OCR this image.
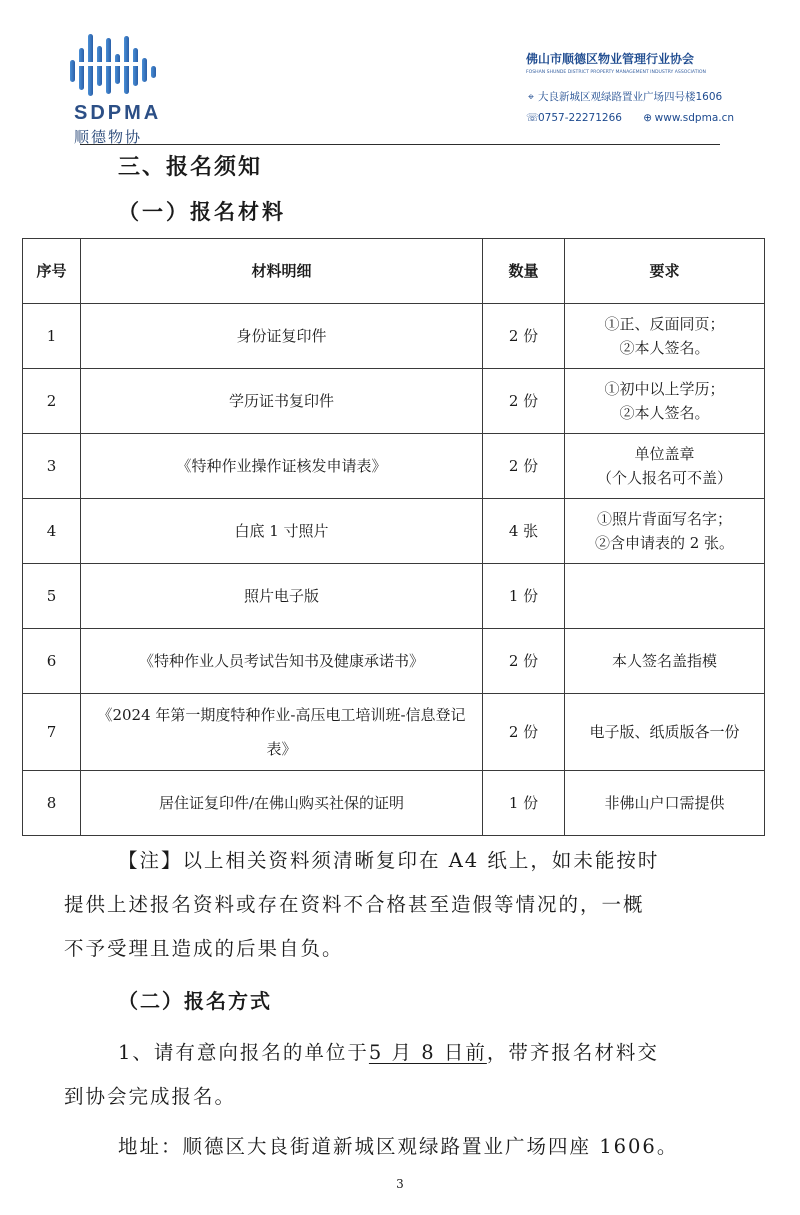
SDPMA
顺德物协
佛山市顺德区物业管理行业协会
FOSHAN SHUNDE DISTRICT PROPERTY MANAGEMENT INDUSTRY ASSOCIATION
⌖ 大良新城区观绿路置业广场四号楼1606
☏0757-22271266 ⊕ www.sdpma.cn
三、报名须知
（一）报名材料
序号	材料明细	数量	要求
1	身份证复印件	2 份	①正、反面同页；
②本人签名。

2	学历证书复印件	2 份	①初中以上学历；
②本人签名。

3	《特种作业操作证核发申请表》	2 份	单位盖章
（个人报名可不盖）

4	白底 1 寸照片	4 张	①照片背面写名字；
②含申请表的 2 张。

5	照片电子版	1 份	
6	《特种作业人员考试告知书及健康承诺书》	2 份	本人签名盖指模
7	《2024 年第一期度特种作业-高压电工培训班-信息登记表》	2 份	电子版、纸质版各一份
8	居住证复印件/在佛山购买社保的证明	1 份	非佛山户口需提供
【注】以上相关资料须清晰复印在 A4 纸上，如未能按时
提供上述报名资料或存在资料不合格甚至造假等情况的，一概
不予受理且造成的后果自负。
（二）报名方式
1、请有意向报名的单位于5 月 8 日前，带齐报名材料交
到协会完成报名。
地址：顺德区大良街道新城区观绿路置业广场四座 1606。
3
